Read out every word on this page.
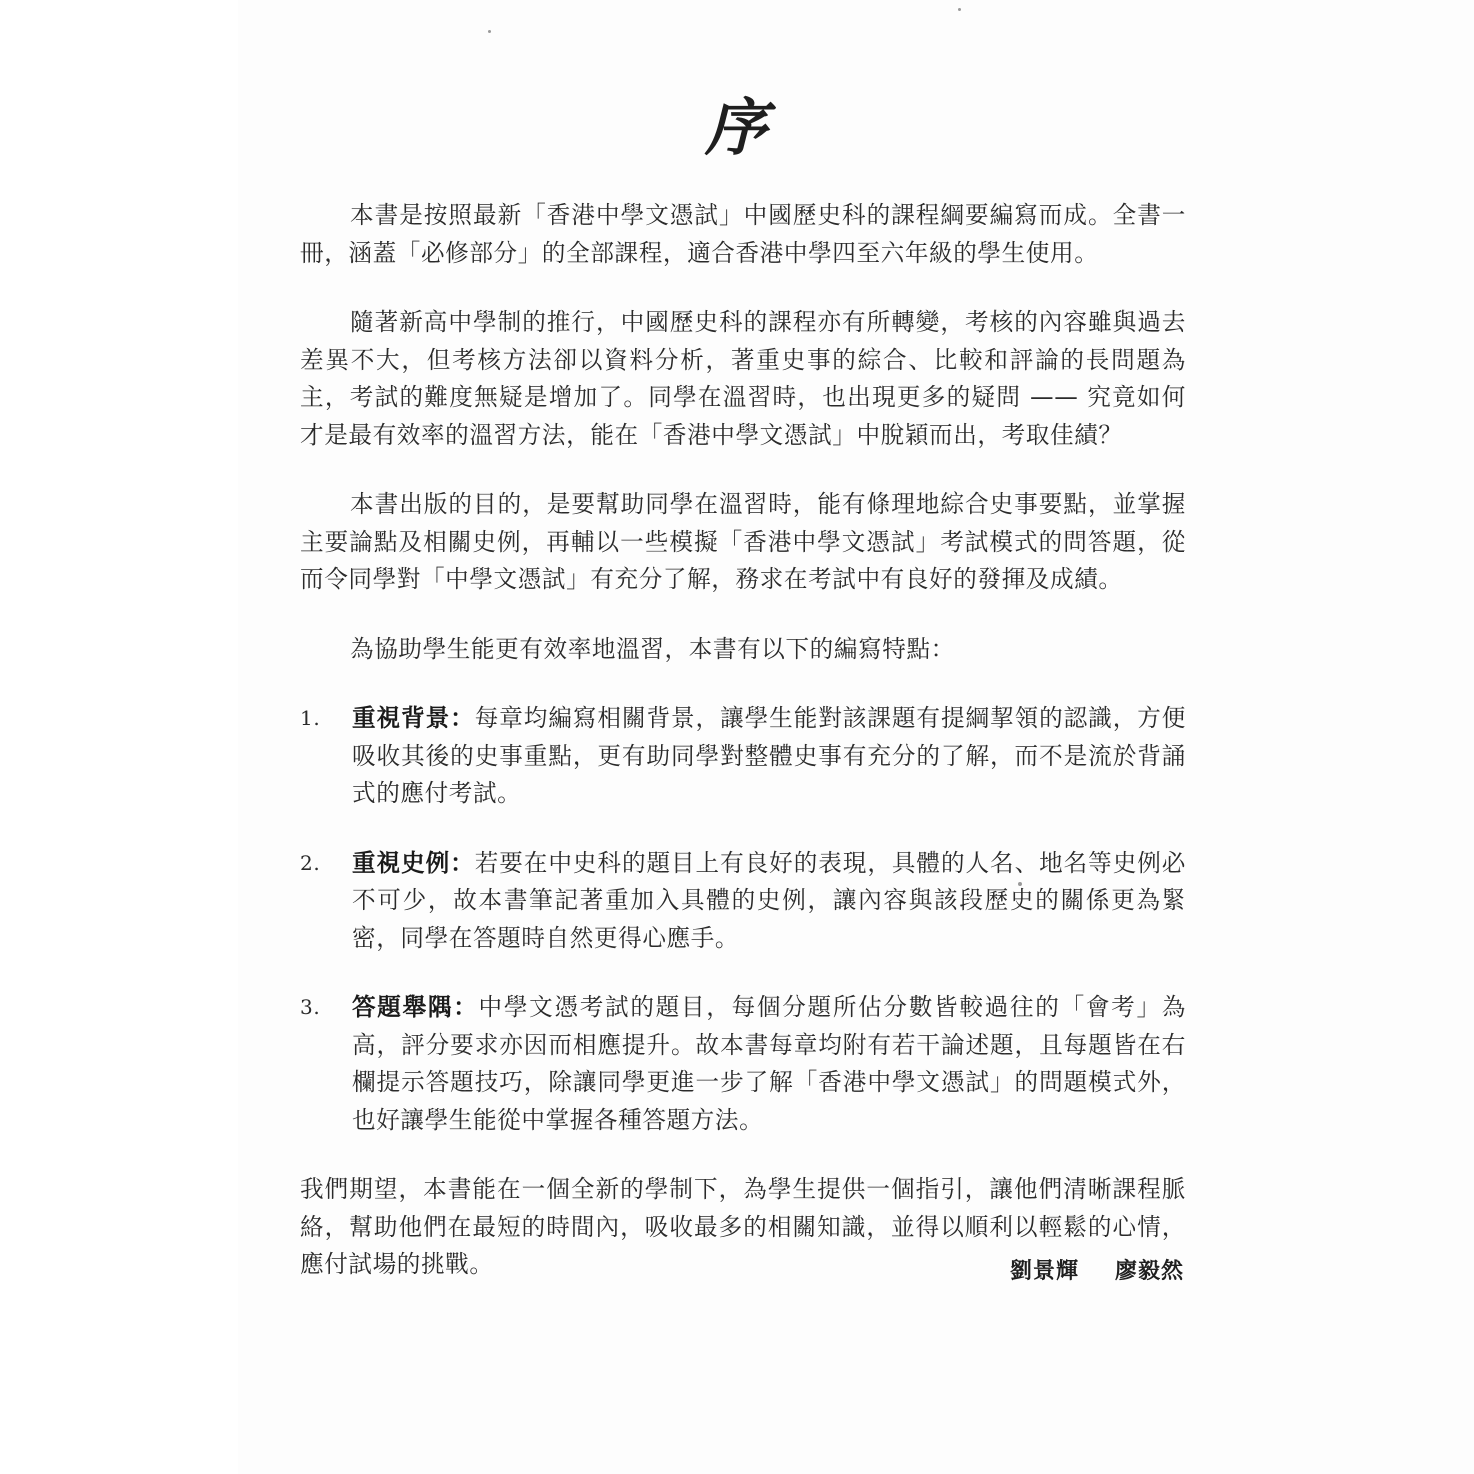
序

本書是按照最新「香港中學文憑試」中國歷史科的課程綱要編寫而成。全書一冊，涵蓋「必修部分」的全部課程，適合香港中學四至六年級的學生使用。

隨著新高中學制的推行，中國歷史科的課程亦有所轉變，考核的內容雖與過去差異不大，但考核方法卻以資料分析，著重史事的綜合、比較和評論的長問題為主，考試的難度無疑是增加了。同學在溫習時，也出現更多的疑問 —— 究竟如何才是最有效率的溫習方法，能在「香港中學文憑試」中脫穎而出，考取佳績？

本書出版的目的，是要幫助同學在溫習時，能有條理地綜合史事要點，並掌握主要論點及相關史例，再輔以一些模擬「香港中學文憑試」考試模式的問答題，從而令同學對「中學文憑試」有充分了解，務求在考試中有良好的發揮及成績。

為協助學生能更有效率地溫習，本書有以下的編寫特點：

1. 重視背景：每章均編寫相關背景，讓學生能對該課題有提綱挈領的認識，方便吸收其後的史事重點，更有助同學對整體史事有充分的了解，而不是流於背誦式的應付考試。
2. 重視史例：若要在中史科的題目上有良好的表現，具體的人名、地名等史例必不可少，故本書筆記著重加入具體的史例，讓內容與該段歷史的關係更為緊密，同學在答題時自然更得心應手。
3. 答題舉隅：中學文憑考試的題目，每個分題所佔分數皆較過往的「會考」為高，評分要求亦因而相應提升。故本書每章均附有若干論述題，且每題皆在右欄提示答題技巧，除讓同學更進一步了解「香港中學文憑試」的問題模式外，也好讓學生能從中掌握各種答題方法。

我們期望，本書能在一個全新的學制下，為學生提供一個指引，讓他們清晰課程脈絡，幫助他們在最短的時間內，吸收最多的相關知識，並得以順利以輕鬆的心情，應付試場的挑戰。	劉景輝 廖毅然
